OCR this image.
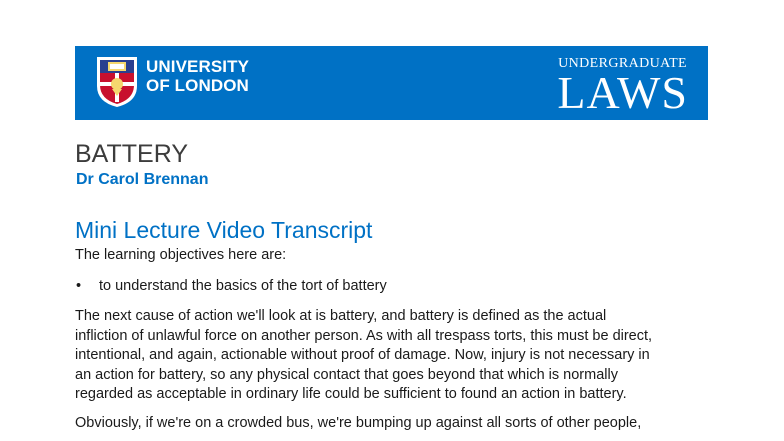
UNIVERSITY
OF LONDON
UNDERGRADUATE
LAWS
BATTERY
Dr Carol Brennan
Mini Lecture Video Transcript
The learning objectives here are:
• to understand the basics of the tort of battery

The next cause of action we'll look at is battery, and battery is defined as the actual
infliction of unlawful force on another person. As with all trespass torts, this must be direct,
intentional, and again, actionable without proof of damage. Now, injury is not necessary in
an action for battery, so any physical contact that goes beyond that which is normally
regarded as acceptable in ordinary life could be sufficient to found an action in battery.

Obviously, if we're on a crowded bus, we're bumping up against all sorts of other people,
